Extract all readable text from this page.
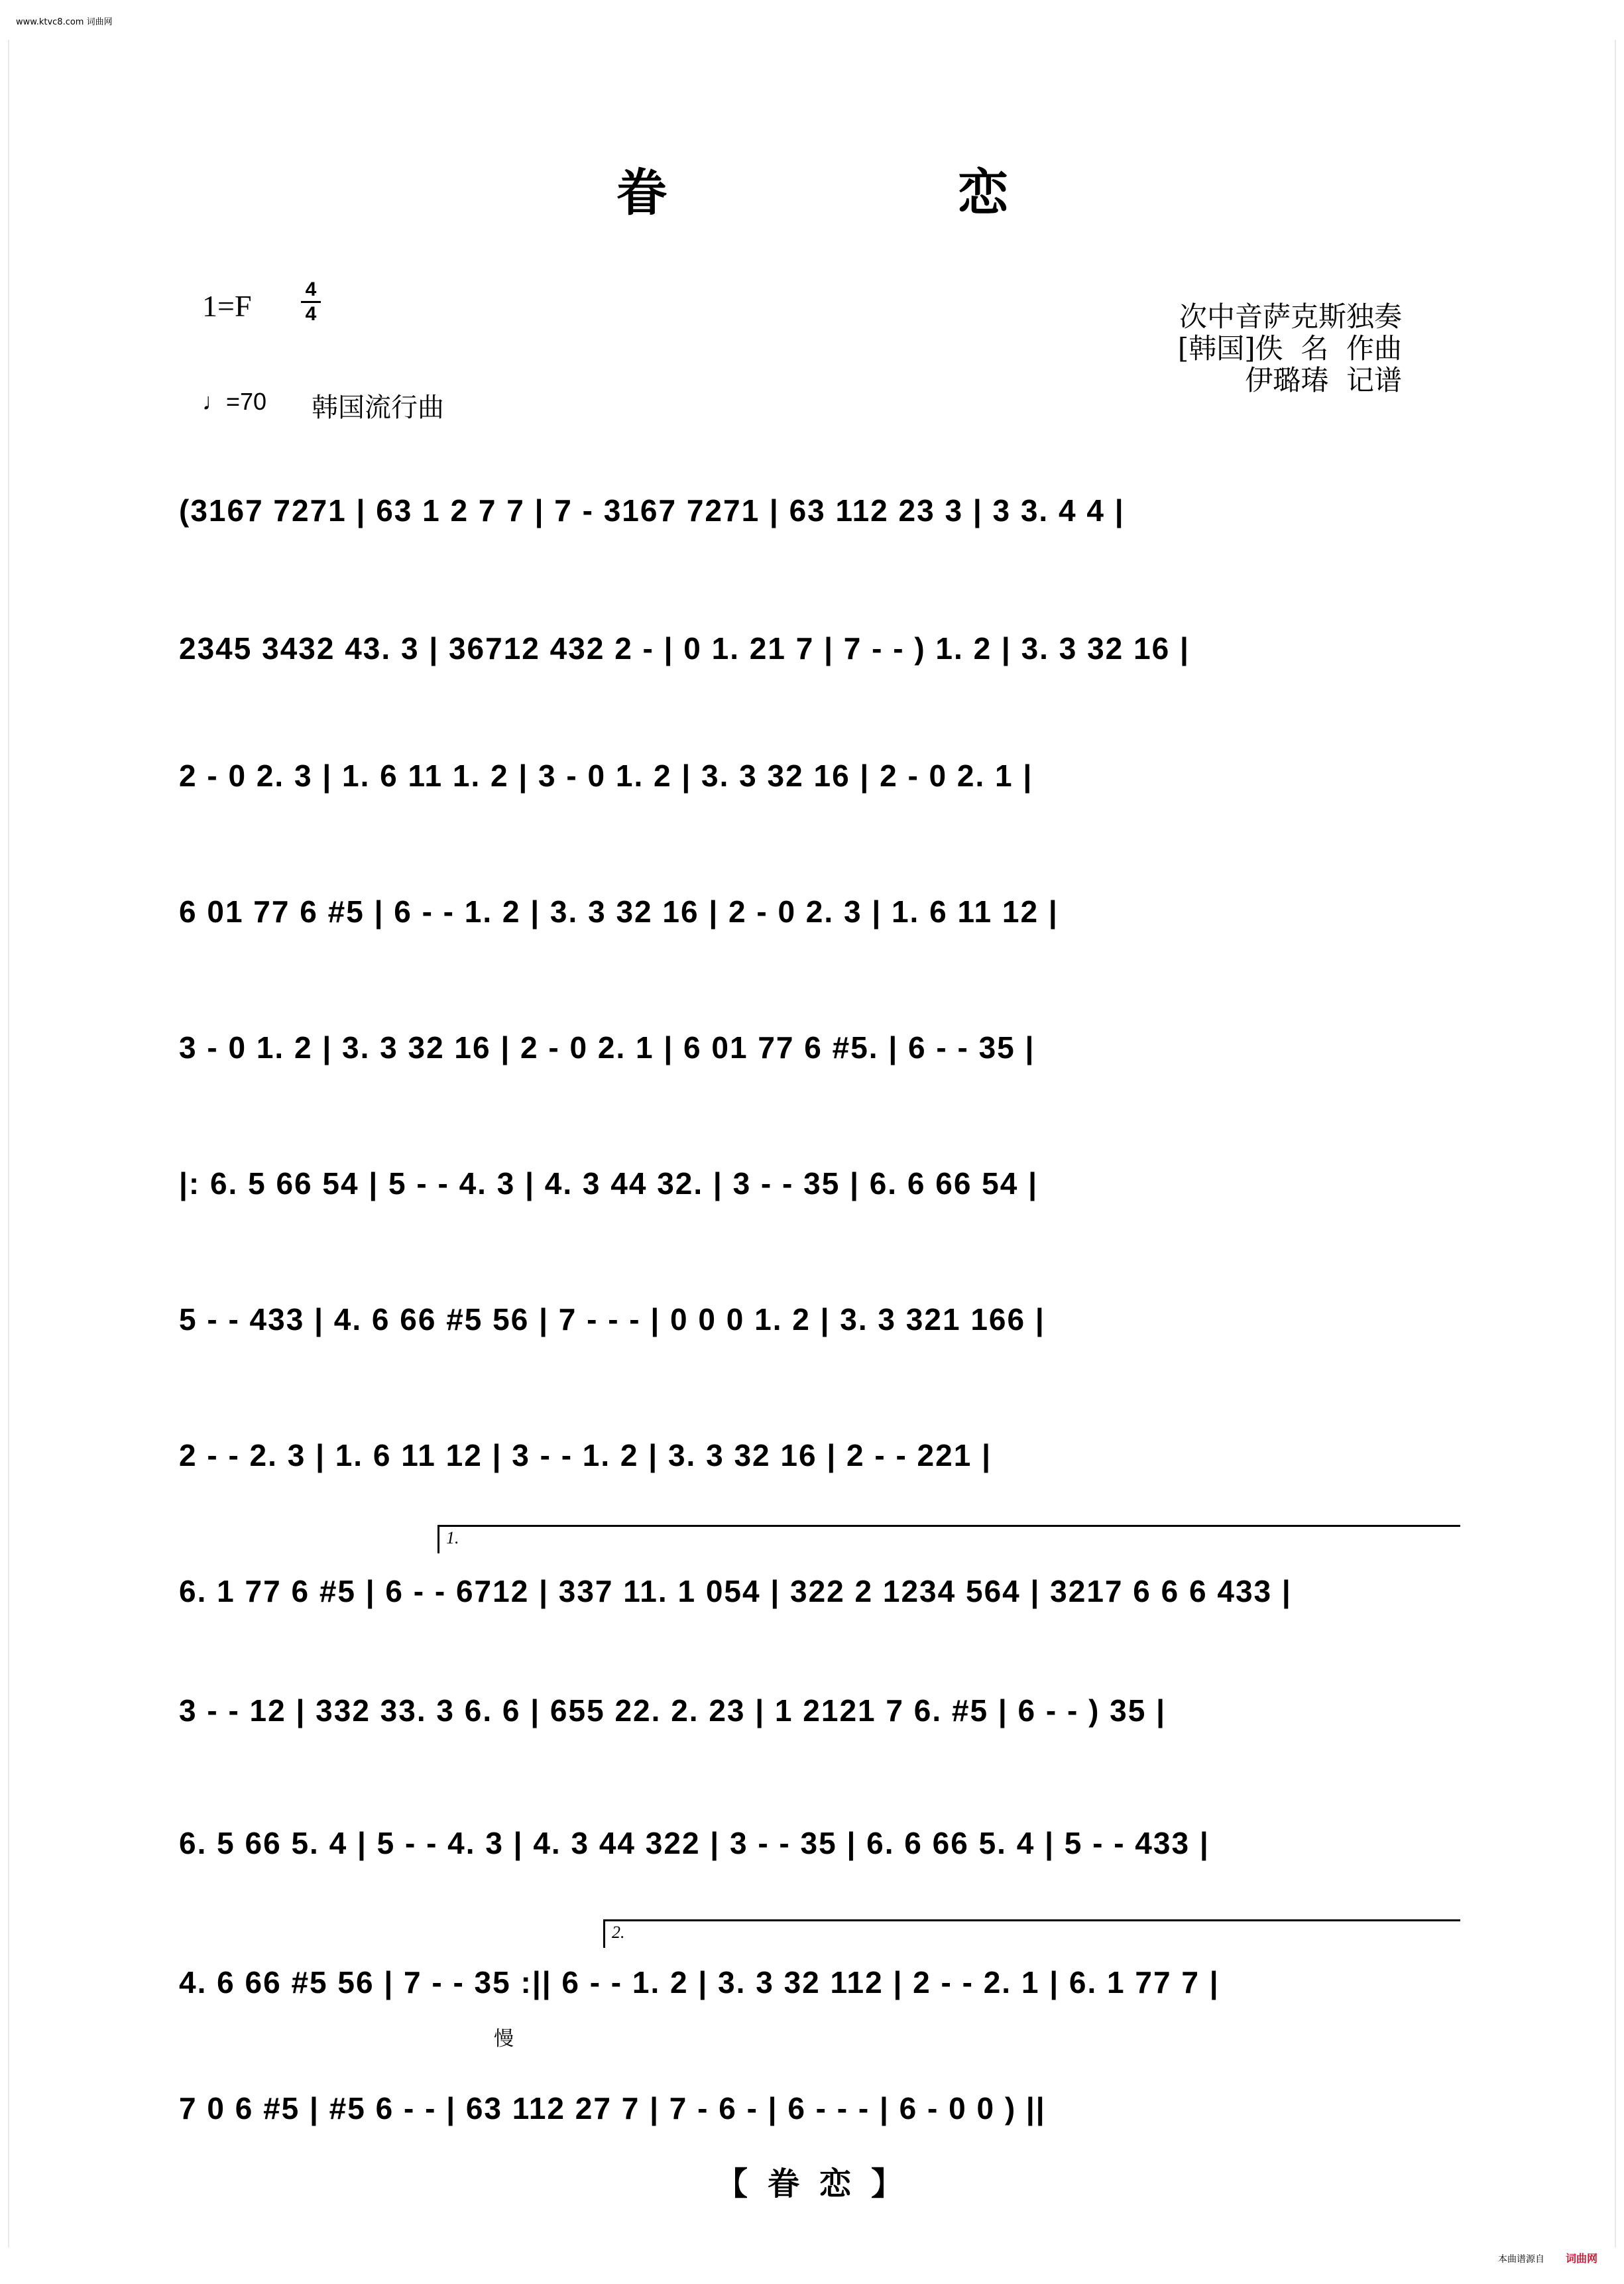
www.ktvc8.com 词曲网
眷	恋
1=F	4
4
♩=70 韩国流行曲
次中音萨克斯独奏
[韩国]佚  名  作曲
伊璐瑃  记谱
(3167 7271 | 63 1 2 7 7 | 7 - 3167 7271 | 63 112 23 3 | 3 3. 4 4 |
2345 3432 43. 3 | 36712 432 2 - | 0 1. 21 7 | 7 - - ) 1. 2 | 3. 3 32 16 |
2 - 0 2. 3 | 1. 6 11 1. 2 | 3 - 0 1. 2 | 3. 3 32 16 | 2 - 0 2. 1 |
6 01 77 6 #5 | 6 - - 1. 2 | 3. 3 32 16 | 2 - 0 2. 3 | 1. 6 11 12 |
3 - 0 1. 2 | 3. 3 32 16 | 2 - 0 2. 1 | 6 01 77 6 #5. | 6 - - 35 |
|: 6. 5 66 54 | 5 - - 4. 3 | 4. 3 44 32. | 3 - - 35 | 6. 6 66 54 |
5 - - 433 | 4. 6 66 #5 56 | 7 - - - | 0 0 0 1. 2 | 3. 3 321 166 |
2 - - 2. 3 | 1. 6 11 12 | 3 - - 1. 2 | 3. 3 32 16 | 2 - - 221 |
1.
6. 1 77 6 #5 | 6 - - 6712 | 337 11. 1 054 | 322 2 1234 564 | 3217 6 6 6 433 |
3 - - 12 | 332 33. 3 6. 6 | 655 22. 2. 23 | 1 2121 7 6. #5 | 6 - - ) 35 |
6. 5 66 5. 4 | 5 - - 4. 3 | 4. 3 44 322 | 3 - - 35 | 6. 6 66 5. 4 | 5 - - 433 |
2.
4. 6 66 #5 56 | 7 - - 35 :|| 6 - - 1. 2 | 3. 3 32 112 | 2 - - 2. 1 | 6. 1 77 7 |
慢
7 0 6 #5 | #5 6 - - | 63 112 27 7 | 7 - 6 - | 6 - - - | 6 - 0 0 ) ||
【眷恋】
本曲谱源自 词曲网
